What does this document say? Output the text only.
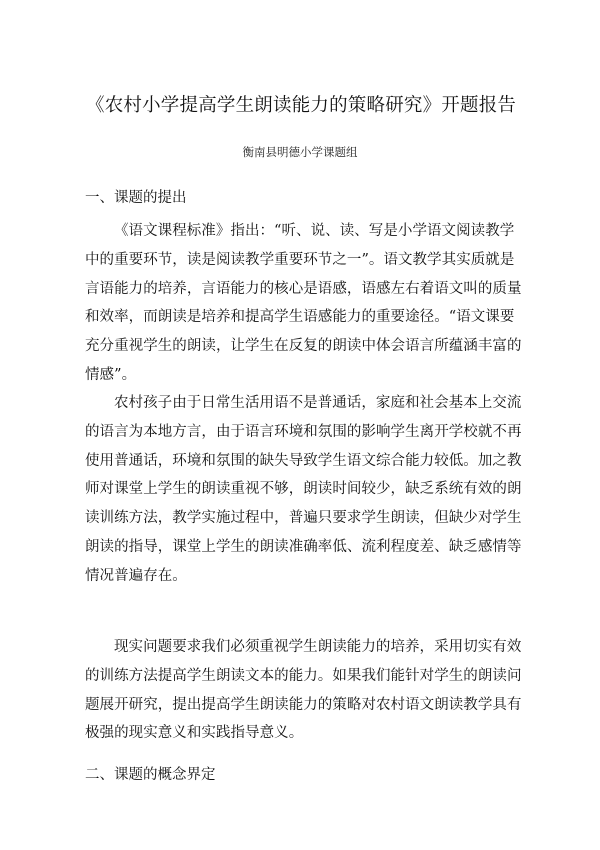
《农村小学提高学生朗读能力的策略研究》开题报告
衡南县明德小学课题组
一、课题的提出
《语文课程标准》指出：“听、说、读、写是小学语文阅读教学
中的重要环节，读是阅读教学重要环节之一”。语文教学其实质就是
言语能力的培养，言语能力的核心是语感，语感左右着语文叫的质量
和效率，而朗读是培养和提高学生语感能力的重要途径。“语文课要
充分重视学生的朗读，让学生在反复的朗读中体会语言所蕴涵丰富的
情感”。
农村孩子由于日常生活用语不是普通话，家庭和社会基本上交流
的语言为本地方言，由于语言环境和氛围的影响学生离开学校就不再
使用普通话，环境和氛围的缺失导致学生语文综合能力较低。加之教
师对课堂上学生的朗读重视不够，朗读时间较少，缺乏系统有效的朗
读训练方法，教学实施过程中，普遍只要求学生朗读，但缺少对学生
朗读的指导，课堂上学生的朗读准确率低、流利程度差、缺乏感情等
情况普遍存在。
现实问题要求我们必须重视学生朗读能力的培养，采用切实有效
的训练方法提高学生朗读文本的能力。如果我们能针对学生的朗读问
题展开研究，提出提高学生朗读能力的策略对农村语文朗读教学具有
极强的现实意义和实践指导意义。
二、课题的概念界定
